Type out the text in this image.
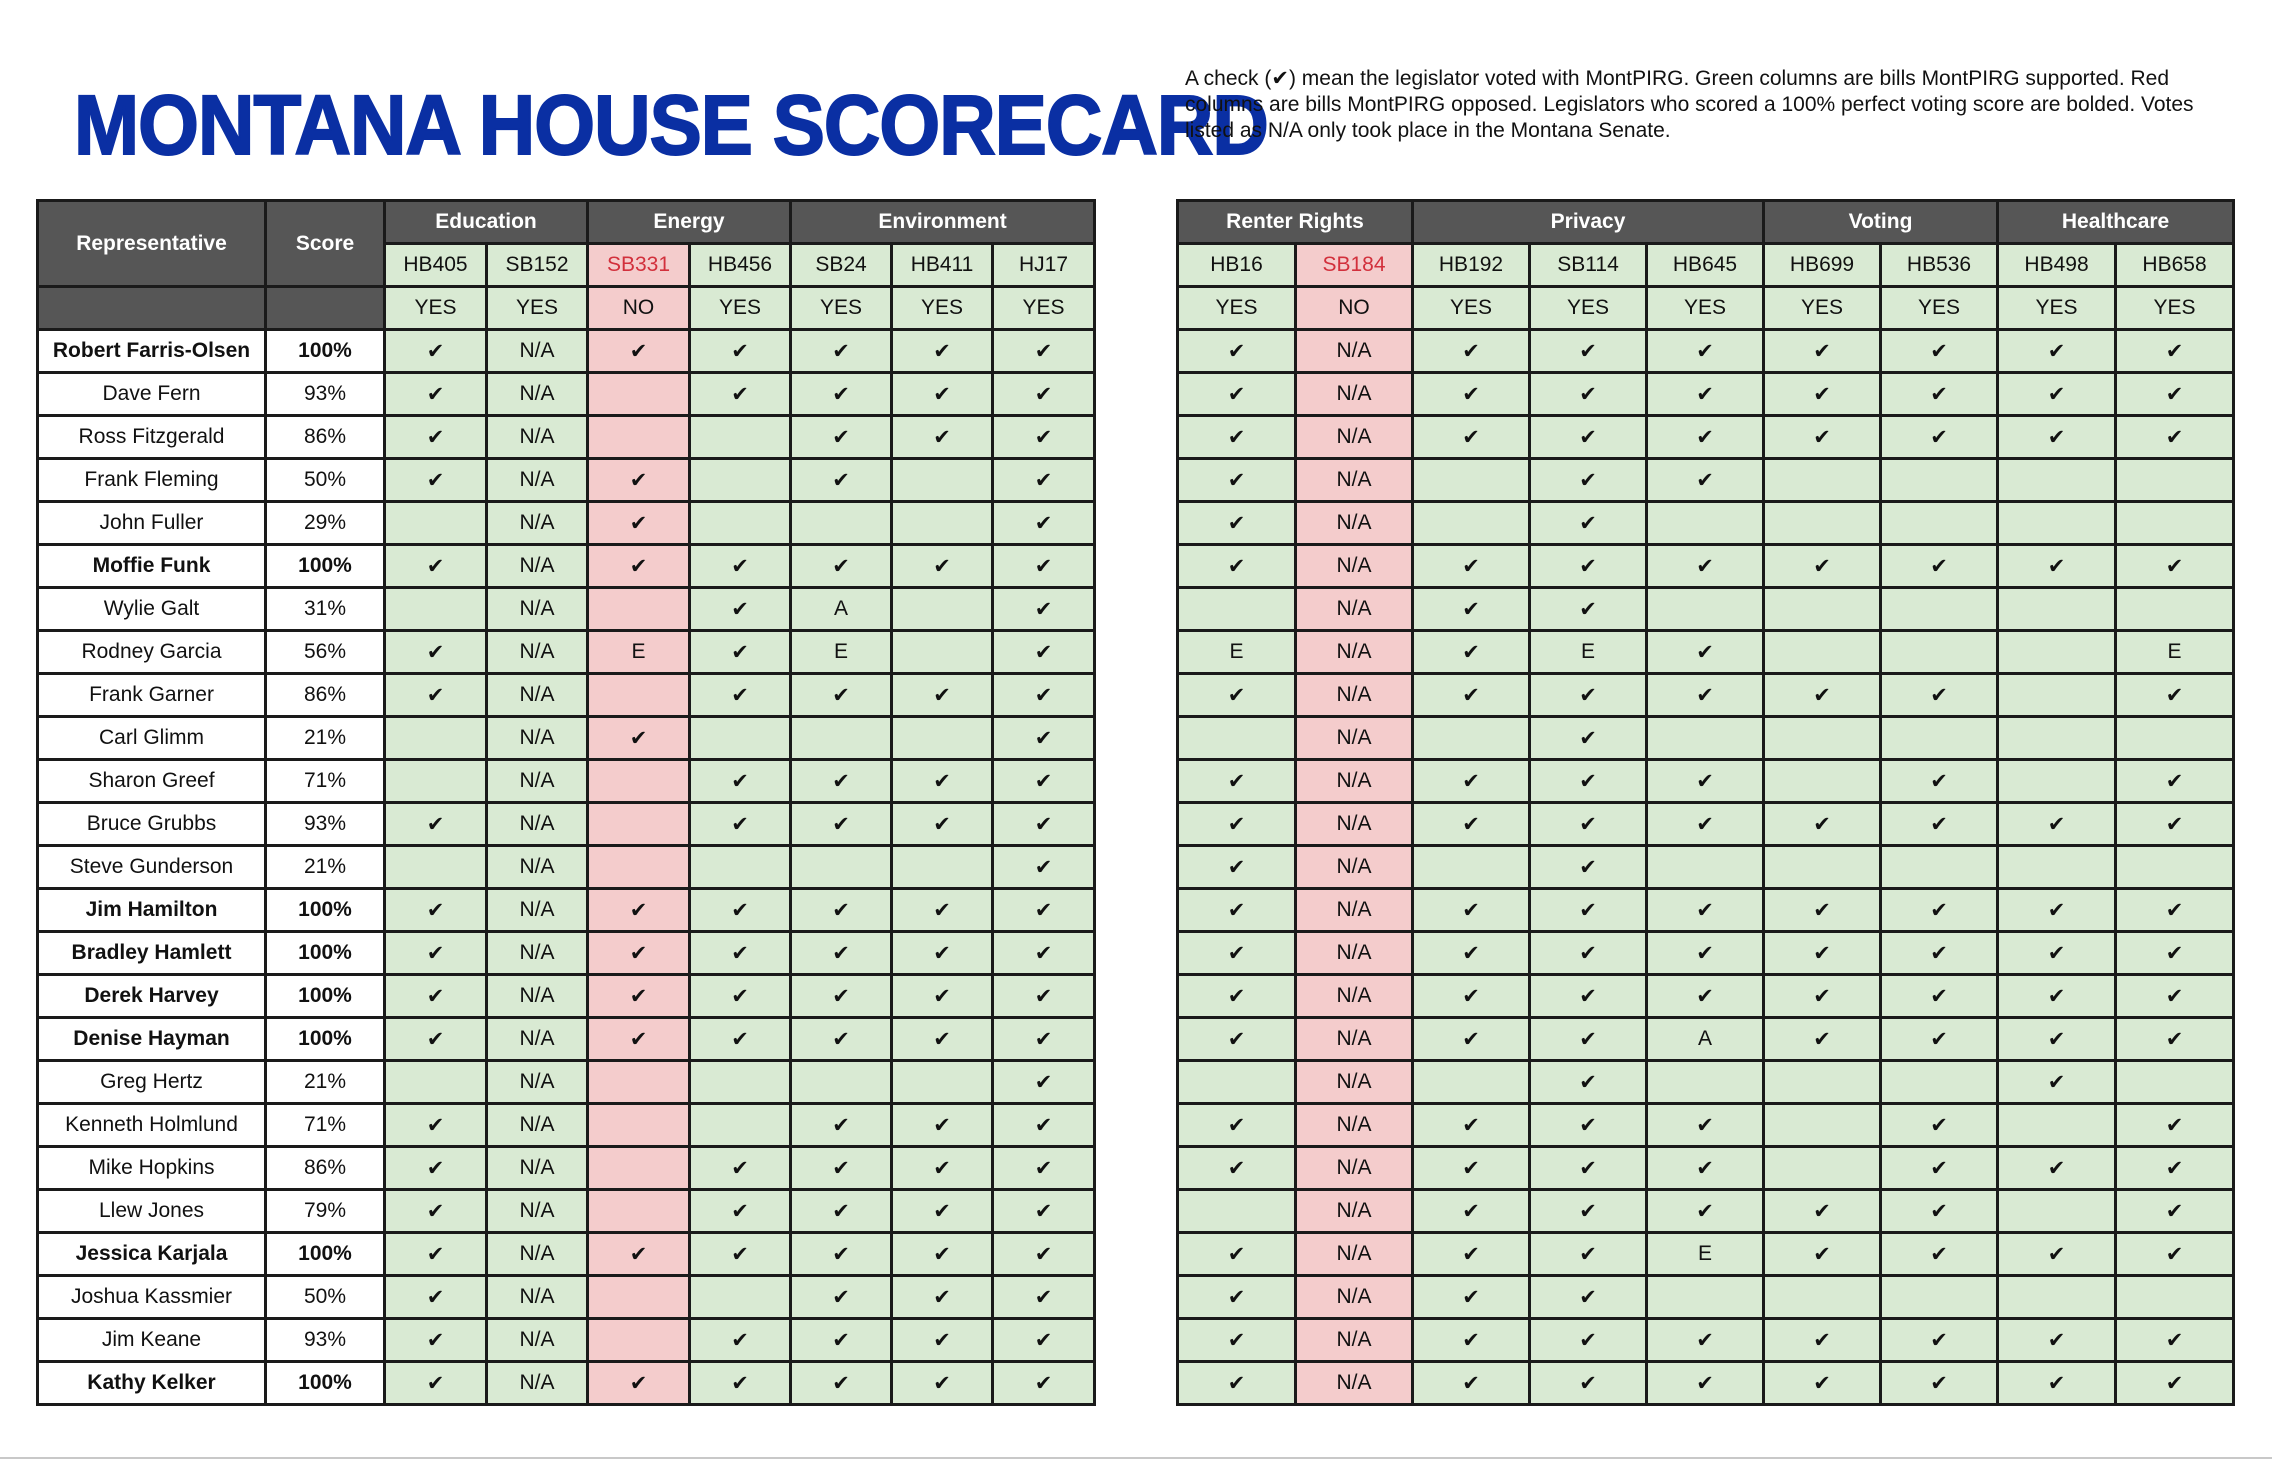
MONTANA HOUSE SCORECARD
A check (✔) mean the legislator voted with MontPIRG. Green columns are bills MontPIRG supported. Red columns are bills MontPIRG opposed. Legislators who scored a 100% perfect voting score are bolded. Votes listed as N/A only took place in the Montana Senate.
Representative	Score	Education		Energy		Environment		
		HB405	SB152	SB331	HB456	SB24	HB411	HJ17
		YES	YES	NO	YES	YES	YES	YES
Robert Farris-Olsen	100%	✔	N/A	✔	✔	✔	✔	✔
Dave Fern	93%	✔	N/A		✔	✔	✔	✔
Ross Fitzgerald	86%	✔	N/A			✔	✔	✔
Frank Fleming	50%	✔	N/A	✔		✔		✔
John Fuller	29%		N/A	✔				✔
Moffie Funk	100%	✔	N/A	✔	✔	✔	✔	✔
Wylie Galt	31%		N/A		✔	A		✔
Rodney Garcia	56%	✔	N/A	E	✔	E		✔
Frank Garner	86%	✔	N/A		✔	✔	✔	✔
Carl Glimm	21%		N/A	✔				✔
Sharon Greef	71%		N/A		✔	✔	✔	✔
Bruce Grubbs	93%	✔	N/A		✔	✔	✔	✔
Steve Gunderson	21%		N/A					✔
Jim Hamilton	100%	✔	N/A	✔	✔	✔	✔	✔
Bradley Hamlett	100%	✔	N/A	✔	✔	✔	✔	✔
Derek Harvey	100%	✔	N/A	✔	✔	✔	✔	✔
Denise Hayman	100%	✔	N/A	✔	✔	✔	✔	✔
Greg Hertz	21%		N/A					✔
Kenneth Holmlund	71%	✔	N/A			✔	✔	✔
Mike Hopkins	86%	✔	N/A		✔	✔	✔	✔
Llew Jones	79%	✔	N/A		✔	✔	✔	✔
Jessica Karjala	100%	✔	N/A	✔	✔	✔	✔	✔
Joshua Kassmier	50%	✔	N/A			✔	✔	✔
Jim Keane	93%	✔	N/A		✔	✔	✔	✔
Kathy Kelker	100%	✔	N/A	✔	✔	✔	✔	✔
Renter Rights		Privacy			Voting		Healthcare	
HB16	SB184	HB192	SB114	HB645	HB699	HB536	HB498	HB658
YES	NO	YES	YES	YES	YES	YES	YES	YES
✔	N/A	✔	✔	✔	✔	✔	✔	✔
✔	N/A	✔	✔	✔	✔	✔	✔	✔
✔	N/A	✔	✔	✔	✔	✔	✔	✔
✔	N/A		✔	✔				
✔	N/A		✔					
✔	N/A	✔	✔	✔	✔	✔	✔	✔
	N/A	✔	✔					
E	N/A	✔	E	✔				E
✔	N/A	✔	✔	✔	✔	✔		✔
	N/A		✔					
✔	N/A	✔	✔	✔		✔		✔
✔	N/A	✔	✔	✔	✔	✔	✔	✔
✔	N/A		✔					
✔	N/A	✔	✔	✔	✔	✔	✔	✔
✔	N/A	✔	✔	✔	✔	✔	✔	✔
✔	N/A	✔	✔	✔	✔	✔	✔	✔
✔	N/A	✔	✔	A	✔	✔	✔	✔
	N/A		✔				✔	
✔	N/A	✔	✔	✔		✔		✔
✔	N/A	✔	✔	✔		✔	✔	✔
	N/A	✔	✔	✔	✔	✔		✔
✔	N/A	✔	✔	E	✔	✔	✔	✔
✔	N/A	✔	✔					
✔	N/A	✔	✔	✔	✔	✔	✔	✔
✔	N/A	✔	✔	✔	✔	✔	✔	✔
